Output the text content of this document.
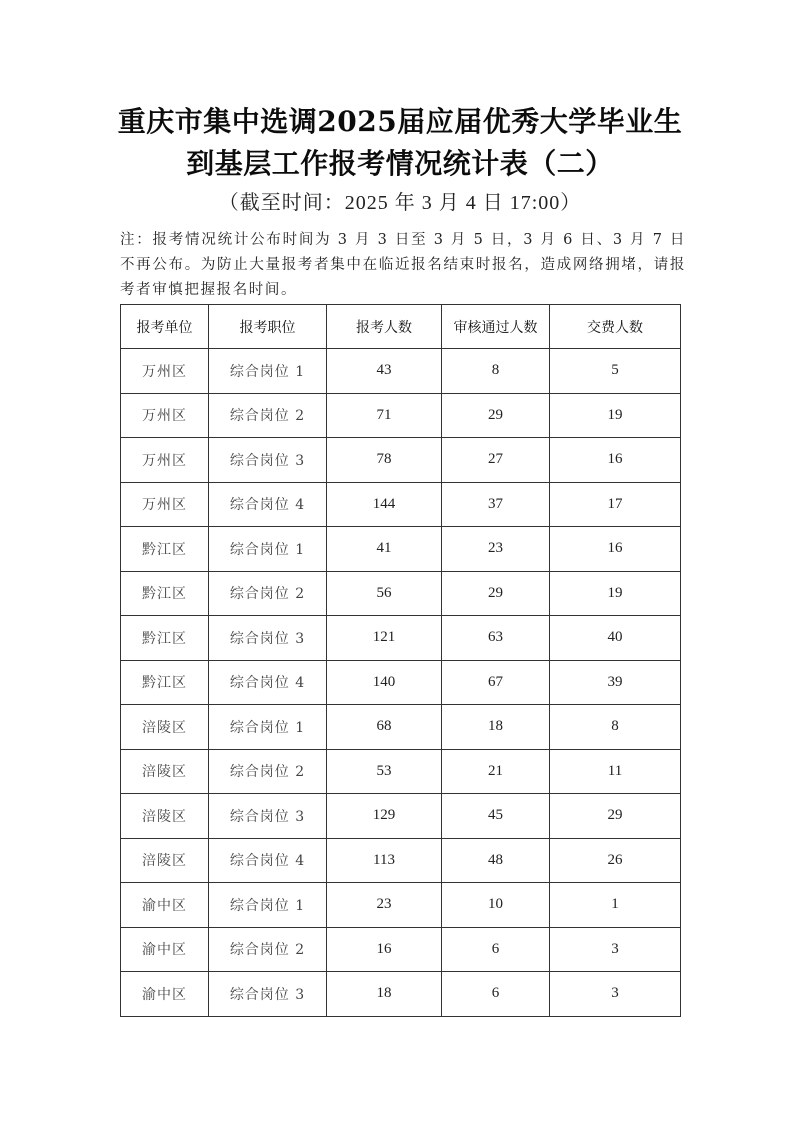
重庆市集中选调2025届应届优秀大学毕业生
到基层工作报考情况统计表（二）
（截至时间：2025 年 3 月 4 日 17:00）
注：报考情况统计公布时间为 3 月 3 日至 3 月 5 日，3 月 6 日、3 月 7 日不再公布。为防止大量报考者集中在临近报名结束时报名，造成网络拥堵，请报考者审慎把握报名时间。
报考单位	报考职位	报考人数	审核通过人数	交费人数
万州区	综合岗位 1	43	8	5
万州区	综合岗位 2	71	29	19
万州区	综合岗位 3	78	27	16
万州区	综合岗位 4	144	37	17
黔江区	综合岗位 1	41	23	16
黔江区	综合岗位 2	56	29	19
黔江区	综合岗位 3	121	63	40
黔江区	综合岗位 4	140	67	39
涪陵区	综合岗位 1	68	18	8
涪陵区	综合岗位 2	53	21	11
涪陵区	综合岗位 3	129	45	29
涪陵区	综合岗位 4	113	48	26
渝中区	综合岗位 1	23	10	1
渝中区	综合岗位 2	16	6	3
渝中区	综合岗位 3	18	6	3
